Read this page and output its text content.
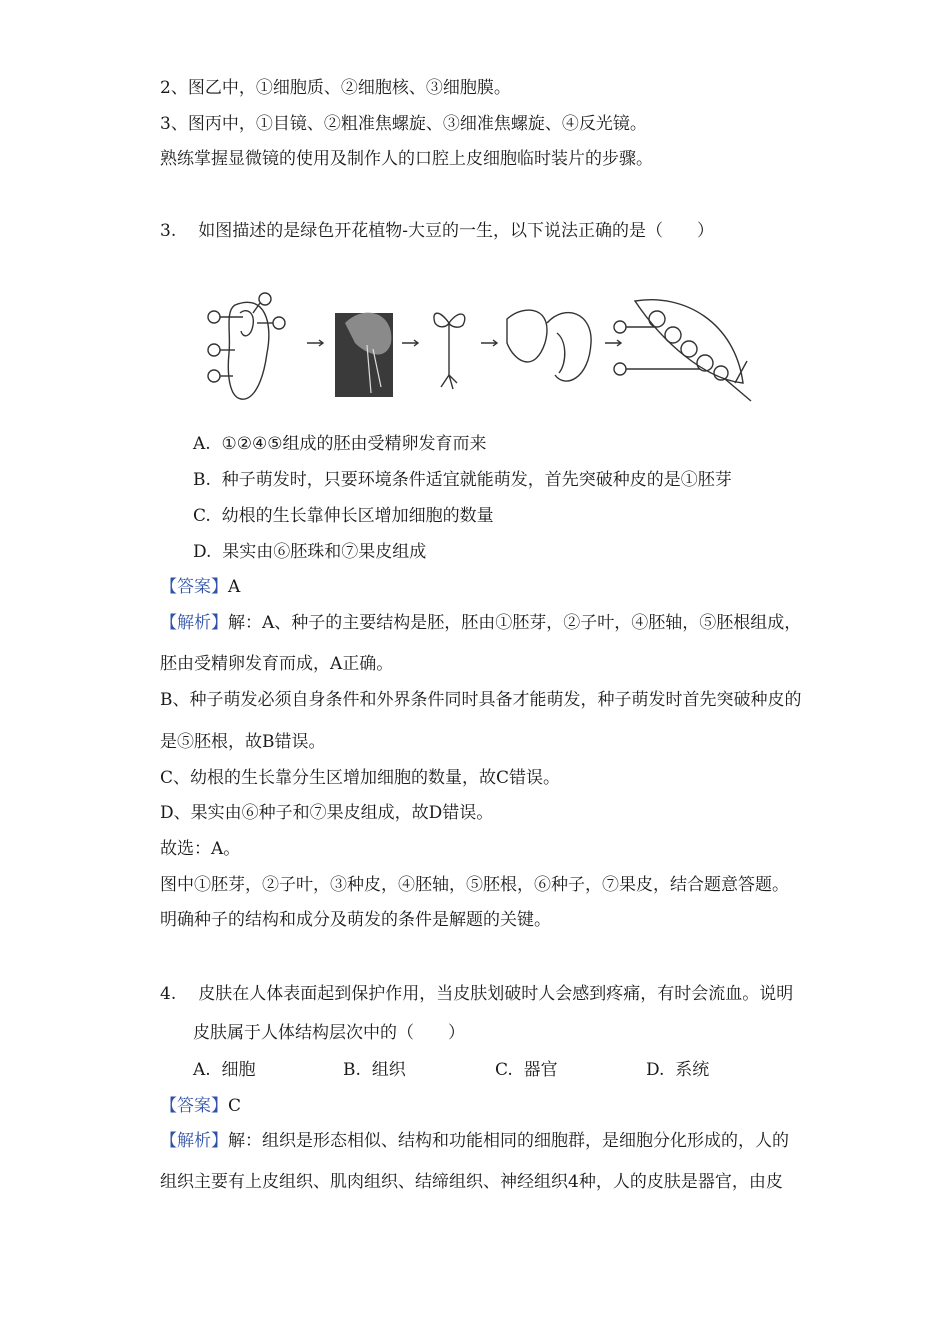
2、图乙中，①细胞质、②细胞核、③细胞膜。
3、图丙中，①目镜、②粗准焦螺旋、③细准焦螺旋、④反光镜。
熟练掌握显微镜的使用及制作人的口腔上皮细胞临时装片的步骤。
3. 如图描述的是绿色开花植物-大豆的一生，以下说法正确的是（　　）
A. ①②④⑤组成的胚由受精卵发育而来
B. 种子萌发时，只要环境条件适宜就能萌发，首先突破种皮的是①胚芽
C. 幼根的生长靠伸长区增加细胞的数量
D. 果实由⑥胚珠和⑦果皮组成
【答案】A
【解析】解：A、种子的主要结构是胚，胚由①胚芽，②子叶，④胚轴，⑤胚根组成，
胚由受精卵发育而成，A正确。
B、种子萌发必须自身条件和外界条件同时具备才能萌发，种子萌发时首先突破种皮的
是⑤胚根，故B错误。
C、幼根的生长靠分生区增加细胞的数量，故C错误。
D、果实由⑥种子和⑦果皮组成，故D错误。
故选：A。
图中①胚芽，②子叶，③种皮，④胚轴，⑤胚根，⑥种子，⑦果皮，结合题意答题。
明确种子的结构和成分及萌发的条件是解题的关键。
4. 皮肤在人体表面起到保护作用，当皮肤划破时人会感到疼痛，有时会流血。说明
皮肤属于人体结构层次中的（　　）
A. 细胞	B. 组织	C. 器官	D. 系统
【答案】C
【解析】解：组织是形态相似、结构和功能相同的细胞群，是细胞分化形成的，人的
组织主要有上皮组织、肌肉组织、结缔组织、神经组织4种，人的皮肤是器官，由皮
